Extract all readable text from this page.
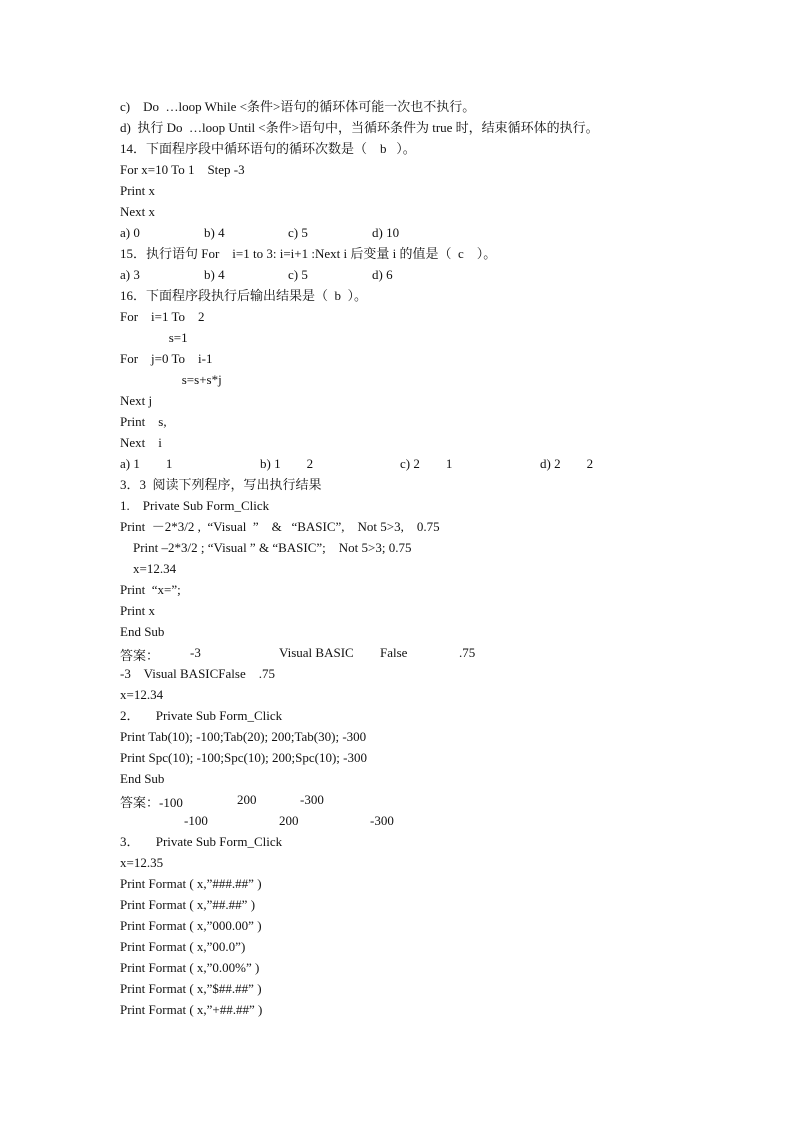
c)    Do  …loop While <条件>语句的循环体可能一次也不执行。
d)  执行 Do  …loop Until <条件>语句中，当循环条件为 true 时，结束循环体的执行。
14．下面程序段中循环语句的循环次数是（    b   ）。
For x=10 To 1    Step -3
Print x
Next x
a) 0	b) 4	c) 5	d) 10
15．执行语句 For    i=1 to 3: i=i+1 :Next i 后变量 i 的值是（  c    ）。
a) 3	b) 4	c) 5	d) 6
16．下面程序段执行后输出结果是（  b  ）。
For    i=1 To    2
s=1
For    j=0 To    i-1
s=s+s*j
Next j
Print    s,
Next    i
a) 1        1	b) 1        2	c) 2        1	d) 2        2
3．3  阅读下列程序，写出执行结果
1.    Private Sub Form_Click
Print  －2*3/2 ,  “Visual  ”    &   “BASIC”,    Not 5>3,    0.75
Print –2*3/2 ; “Visual ” & “BASIC”;    Not 5>3; 0.75
x=12.34
Print  “x=”;
Print x
End Sub
答案： -3	Visual BASIC False	.75
-3    Visual BASICFalse    .75
x=12.34
2．     Private Sub Form_Click
Print Tab(10); -100;Tab(20); 200;Tab(30); -300
Print Spc(10); -100;Spc(10); 200;Spc(10); -300
End Sub
答案：-100	200	-300
-100	200	-300
3．     Private Sub Form_Click
x=12.35
Print Format ( x,”###.##” )
Print Format ( x,”##.##” )
Print Format ( x,”000.00” )
Print Format ( x,”00.0”)
Print Format ( x,”0.00%” )
Print Format ( x,”$##.##” )
Print Format ( x,”+##.##” )
